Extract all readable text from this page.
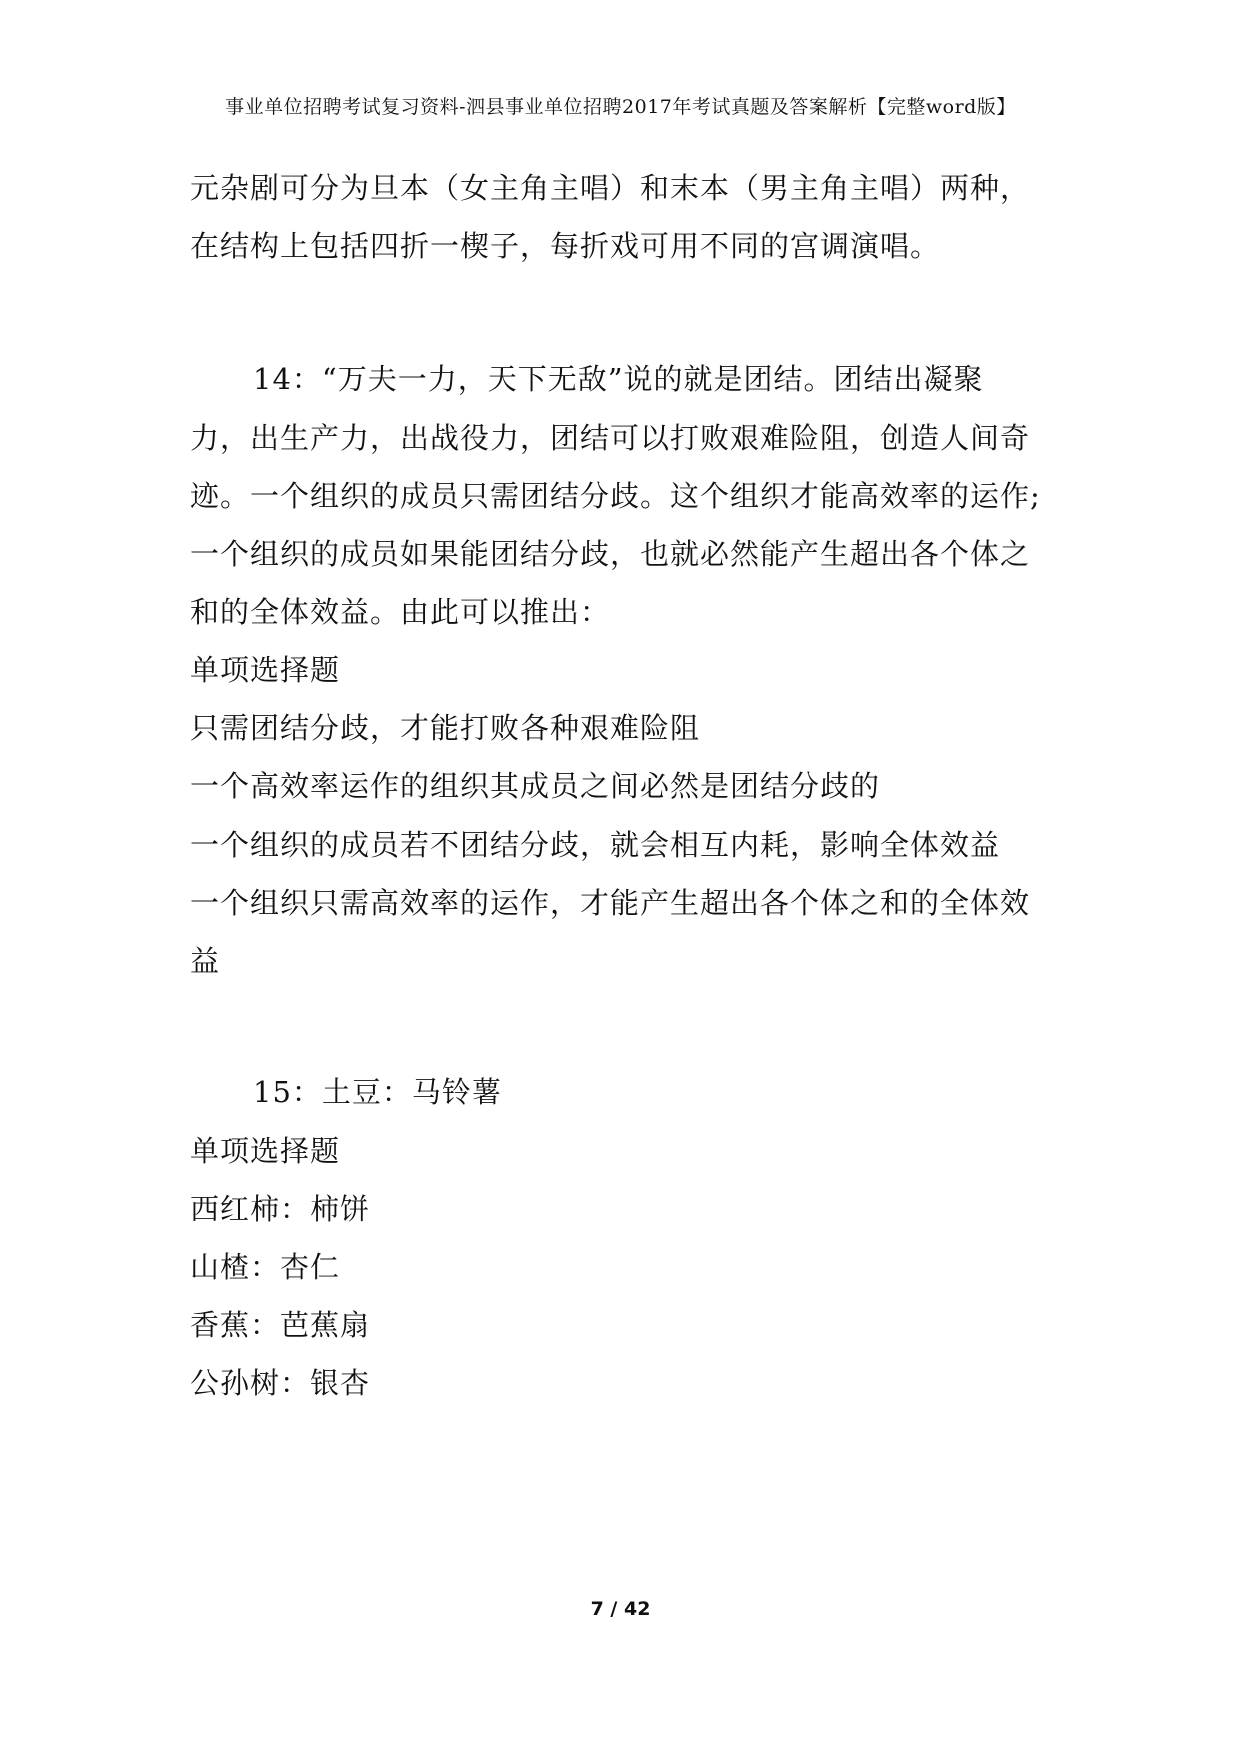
事业单位招聘考试复习资料-泗县事业单位招聘2017年考试真题及答案解析【完整word版】
元杂剧可分为旦本（女主角主唱）和末本（男主角主唱）两种，
在结构上包括四折一楔子，每折戏可用不同的宫调演唱。
14：“万夫一力，天下无敌”说的就是团结。团结出凝聚
力，出生产力，出战役力，团结可以打败艰难险阻，创造人间奇
迹。一个组织的成员只需团结分歧。这个组织才能高效率的运作;
一个组织的成员如果能团结分歧，也就必然能产生超出各个体之
和的全体效益。由此可以推出：
单项选择题
只需团结分歧，才能打败各种艰难险阻
一个高效率运作的组织其成员之间必然是团结分歧的
一个组织的成员若不团结分歧，就会相互内耗，影响全体效益
一个组织只需高效率的运作，才能产生超出各个体之和的全体效
益
15：土豆：马铃薯
单项选择题
西红柿：柿饼
山楂：杏仁
香蕉：芭蕉扇
公孙树：银杏
7 / 42
